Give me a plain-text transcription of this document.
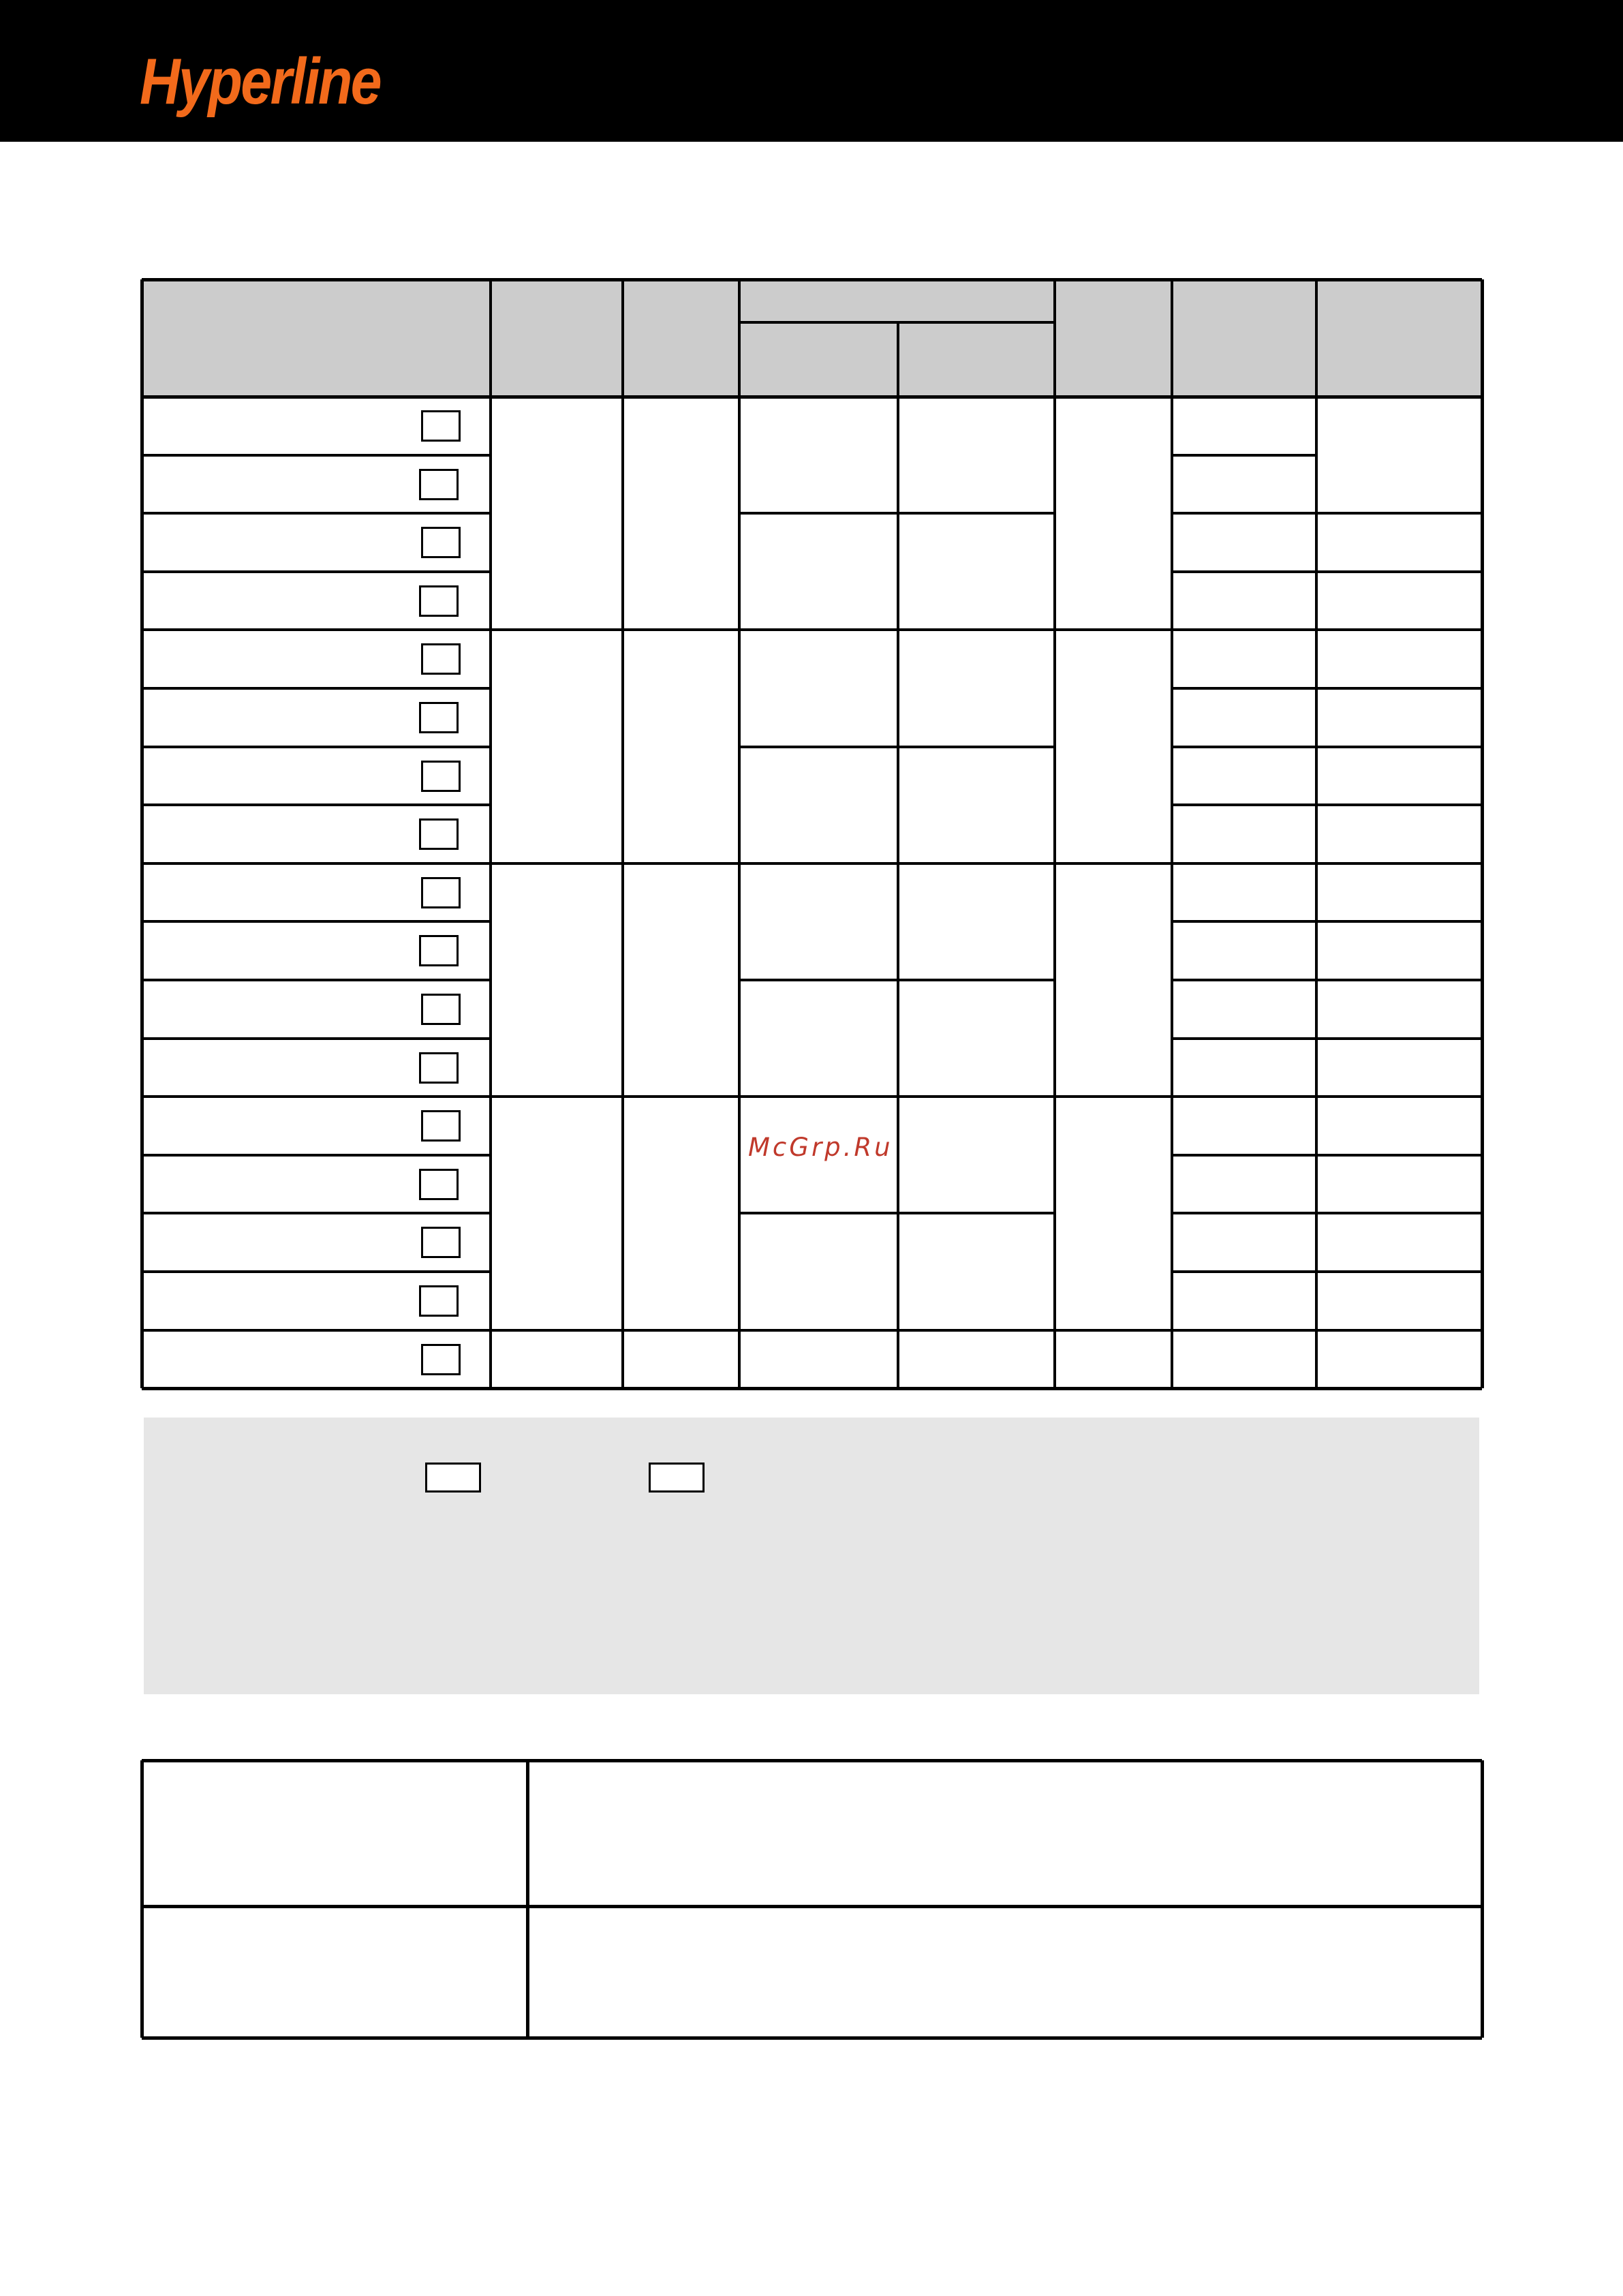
Hyperline
McGrp.Ru
